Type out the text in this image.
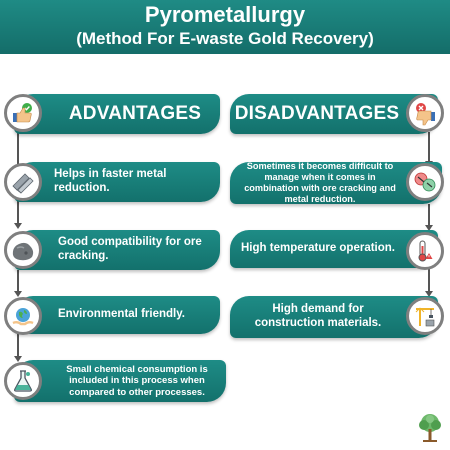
Pyrometallurgy
(Method For E-waste Gold Recovery)
ADVANTAGES	DISADVANTAGES
Helps in faster metal reduction.
Good compatibility for ore cracking.
Environmental friendly.
Small chemical consumption is included in this process when compared to other processes.
Sometimes it becomes difficult to manage when it comes in combination with ore cracking and metal reduction.
High temperature operation.
High demand for construction materials.
